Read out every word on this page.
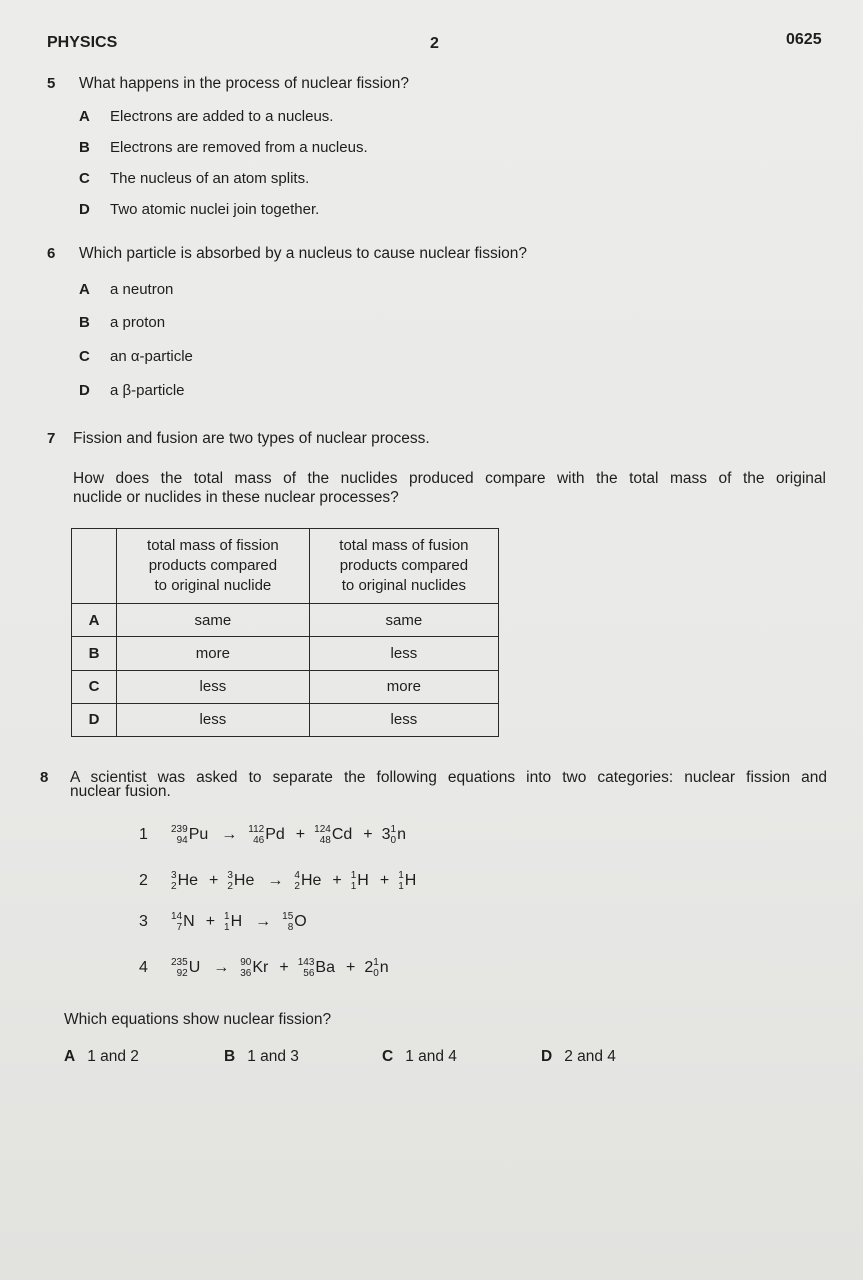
PHYSICS	2	0625
5 What happens in the process of nuclear fission?
A Electrons are added to a nucleus.
B Electrons are removed from a nucleus.
C The nucleus of an atom splits.
D Two atomic nuclei join together.
6 Which particle is absorbed by a nucleus to cause nuclear fission?
A a neutron
B a proton
C an α-particle
D a β-particle
7 Fission and fusion are two types of nuclear process.
How does the total mass of the nuclides produced compare with the total mass of the original
nuclide or nuclides in these nuclear processes?
	total mass of fission
products compared
to original nuclide	total mass of fusion
products compared
to original nuclides
A	same	same
B	more	less
C	less	more
D	less	less
8 A scientist was asked to separate the following equations into two categories: nuclear fission and
nuclear fusion.
1	239
94 Pu → 112
46 Pd + 124
48 Cd + 3 1
0 n
2	3
2 He + 3
2 He → 4
2 He + 1
1 H + 1
1 H
3	14
7 N + 1
1 H → 15
8 O
4	235
92 U → 90
36 Kr + 143
56 Ba + 2 1
0 n
Which equations show nuclear fission?
A 1 and 2	B 1 and 3	C 1 and 4	D 2 and 4
